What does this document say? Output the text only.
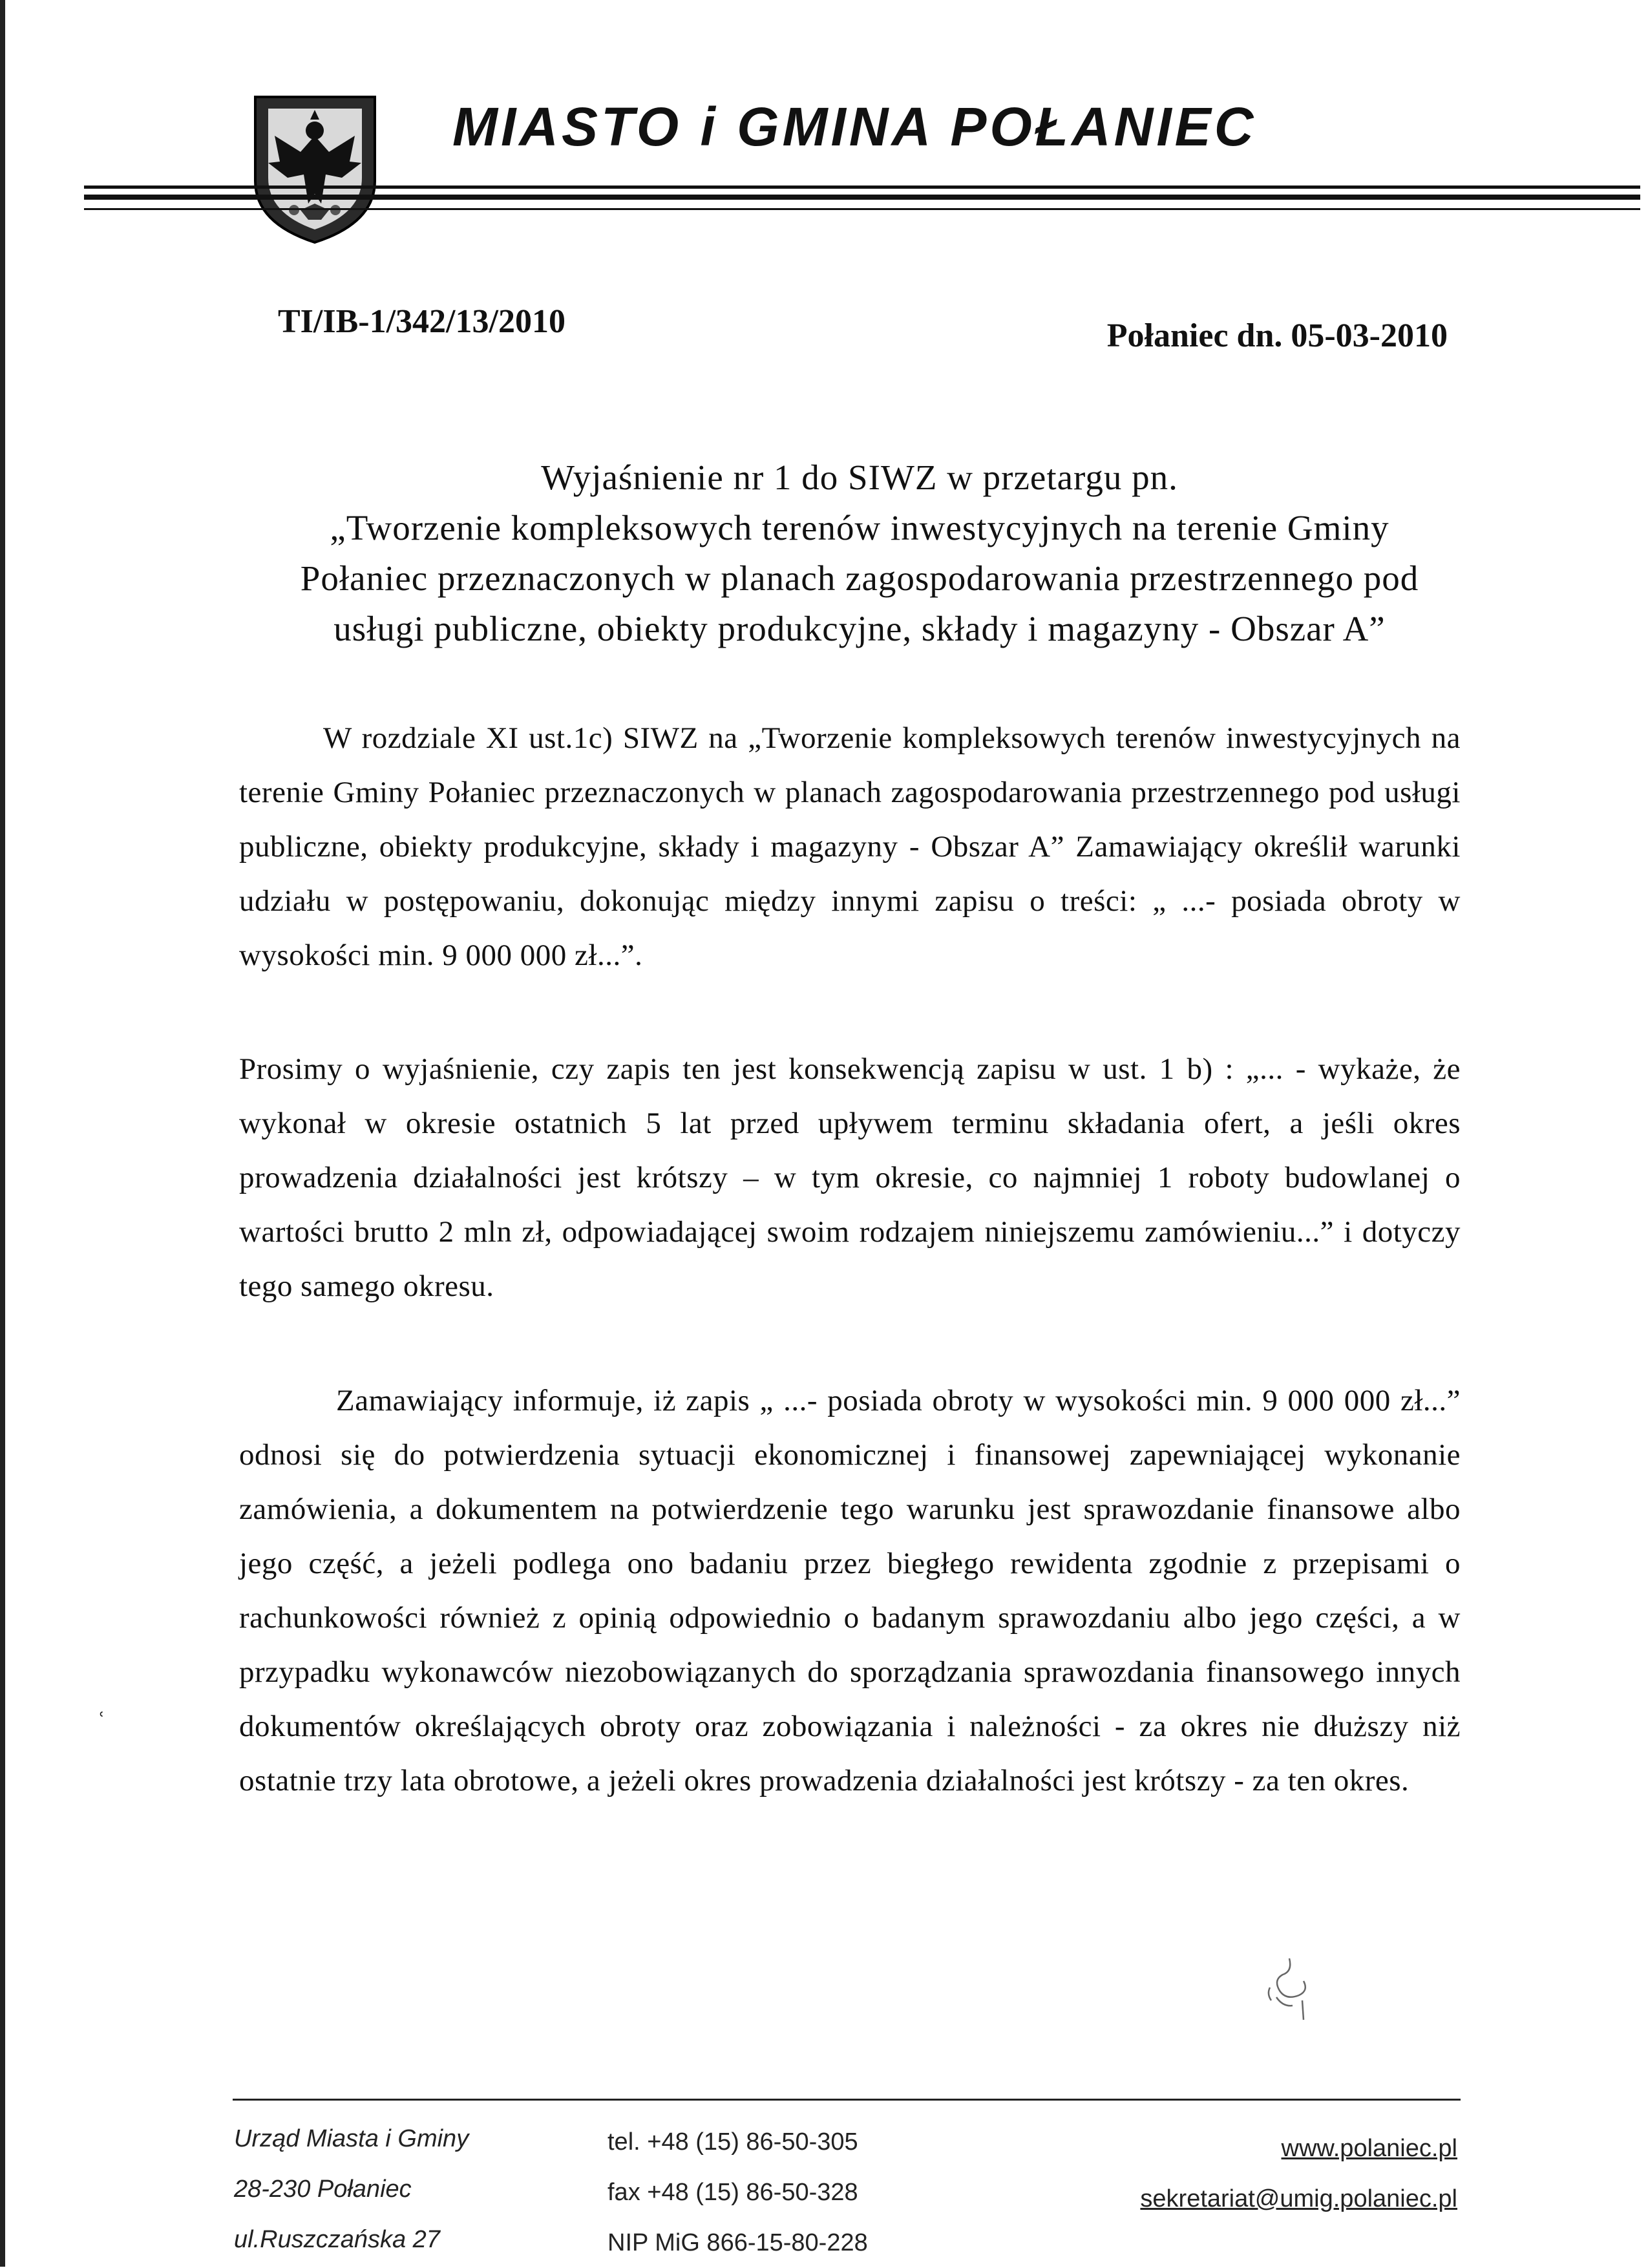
MIASTO i GMINA POŁANIEC
TI/IB-1/342/13/2010	Połaniec dn. 05-03-2010
Wyjaśnienie nr 1 do SIWZ w przetargu pn.
„Tworzenie kompleksowych terenów inwestycyjnych na terenie Gminy
Połaniec przeznaczonych w planach zagospodarowania przestrzennego pod
usługi publiczne, obiekty produkcyjne, składy i magazyny - Obszar A”
W rozdziale XI ust.1c) SIWZ na „Tworzenie kompleksowych terenów inwestycyjnych na terenie Gminy Połaniec przeznaczonych w planach zagospodarowania przestrzennego pod usługi publiczne, obiekty produkcyjne, składy i magazyny - Obszar A” Zamawiający określił warunki udziału w postępowaniu, dokonując między innymi zapisu o treści: „ ...- posiada obroty w wysokości min. 9 000 000 zł...”.
Prosimy o wyjaśnienie, czy zapis ten jest konsekwencją zapisu w ust. 1 b) : „... - wykaże, że wykonał w okresie ostatnich 5 lat przed upływem terminu składania ofert, a jeśli okres prowadzenia działalności jest krótszy – w tym okresie, co najmniej 1 roboty budowlanej o wartości brutto 2 mln zł, odpowiadającej swoim rodzajem niniejszemu zamówieniu...” i dotyczy tego samego okresu.
Zamawiający informuje, iż zapis „ ...- posiada obroty w wysokości min. 9 000 000 zł...” odnosi się do potwierdzenia sytuacji ekonomicznej i finansowej zapewniającej wykonanie zamówienia, a dokumentem na potwierdzenie tego warunku jest sprawozdanie finansowe albo jego część, a jeżeli podlega ono badaniu przez biegłego rewidenta zgodnie z przepisami o rachunkowości również z opinią odpowiednio o badanym sprawozdaniu albo jego części, a w przypadku wykonawców niezobowiązanych do sporządzania sprawozdania finansowego innych dokumentów określających obroty oraz zobowiązania i należności - za okres nie dłuższy niż ostatnie trzy lata obrotowe, a jeżeli okres prowadzenia działalności jest krótszy - za ten okres.
ʿ
Urząd Miasta i Gminy
28-230 Połaniec
ul.Ruszczańska 27
tel. +48 (15) 86-50-305
fax +48 (15) 86-50-328
NIP MiG 866-15-80-228
www.polaniec.pl
sekretariat@umig.polaniec.pl
